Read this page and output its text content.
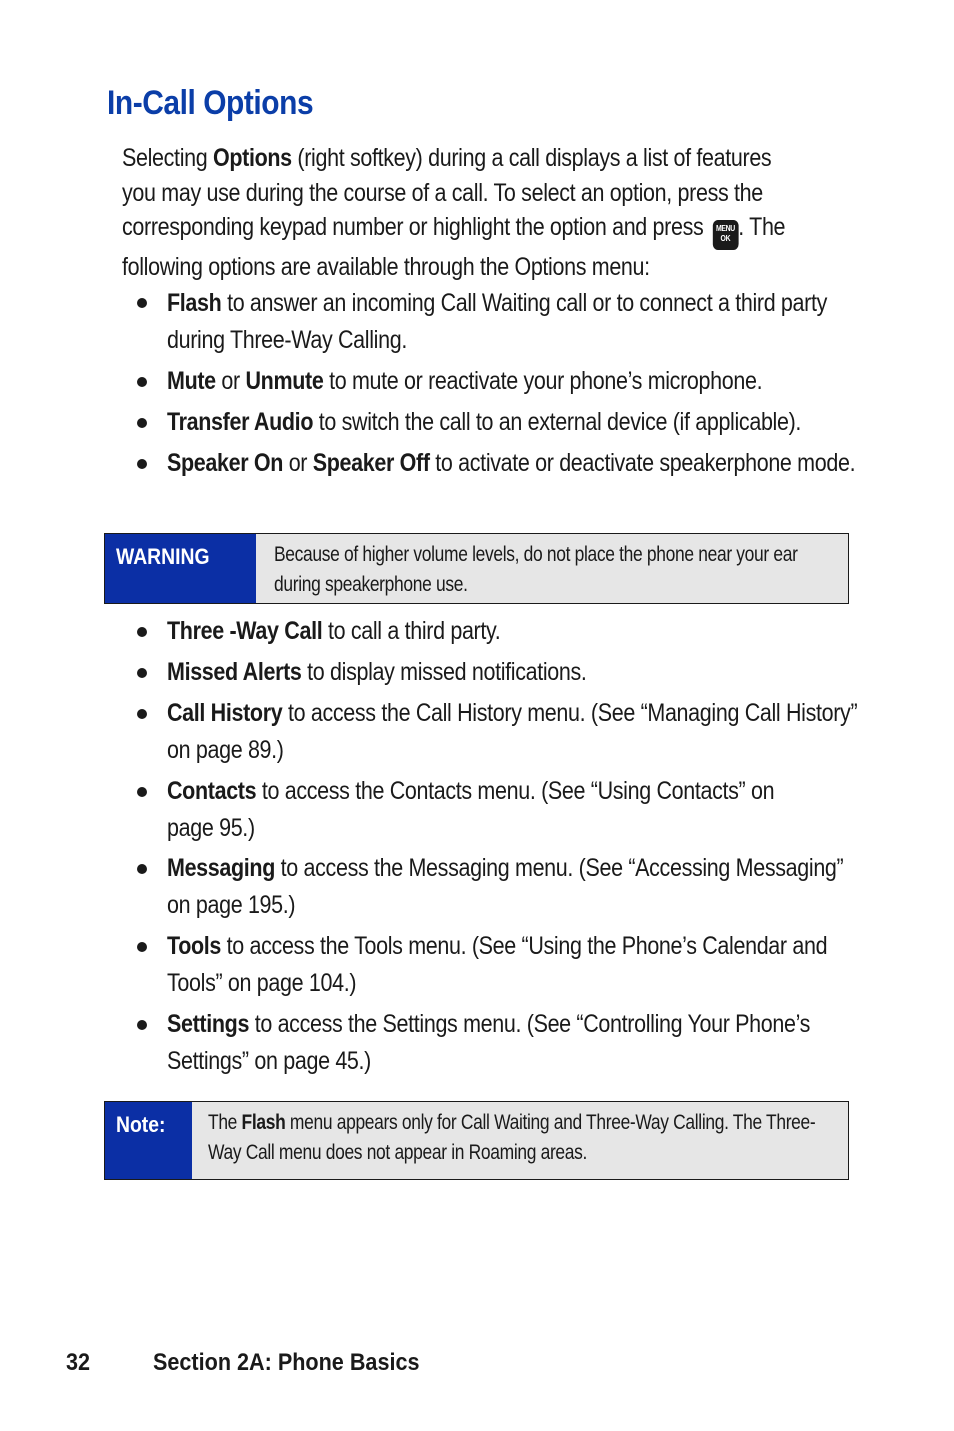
In-Call Options

Selecting Options (right softkey) during a call displays a list of features you may use during the course of a call. To select an option, press the corresponding keypad number or highlight the option and press MENU
OK . The following options are available through the Options menu:

Flash to answer an incoming Call Waiting call or to connect a third party during Three-Way Calling.

Mute or Unmute to mute or reactivate your phone’s microphone.

Transfer Audio to switch the call to an external device (if applicable).

Speaker On or Speaker Off to activate or deactivate speakerphone mode.

WARNING	Because of higher volume levels, do not place the phone near your ear during speakerphone use.

Three -Way Call to call a third party.

Missed Alerts to display missed notifications.

Call History to access the Call History menu. (See “Managing Call History” on page 89.)

Contacts to access the Contacts menu. (See “Using Contacts” on page 95.)

Messaging to access the Messaging menu. (See “Accessing Messaging” on page 195.)

Tools to access the Tools menu. (See “Using the Phone’s Calendar and Tools” on page 104.)

Settings to access the Settings menu. (See “Controlling Your Phone’s Settings” on page 45.)

Note:	The Flash menu appears only for Call Waiting and Three-Way Calling. The Three-Way Call menu does not appear in Roaming areas.

32	Section 2A: Phone Basics
